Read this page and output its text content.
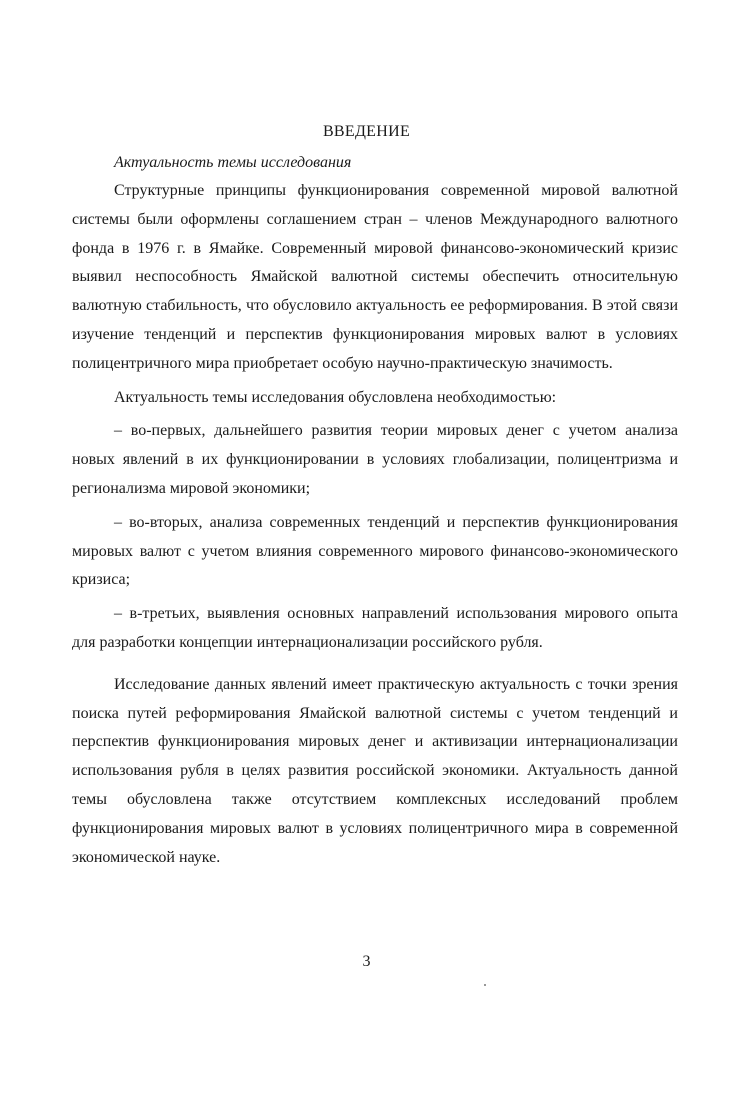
ВВЕДЕНИЕ
Актуальность темы исследования

Структурные принципы функционирования современной мировой валютной системы были оформлены соглашением стран – членов Международного валютного фонда в 1976 г. в Ямайке. Современный мировой финансово-экономический кризис выявил неспособность Ямайской валютной системы обеспечить относительную валютную стабильность, что обусловило актуальность ее реформирования. В этой связи изучение тенденций и перспектив функционирования мировых валют в условиях полицентричного мира приобретает особую научно-практическую значимость.

Актуальность темы исследования обусловлена необходимостью:

– во-первых, дальнейшего развития теории мировых денег с учетом анализа новых явлений в их функционировании в условиях глобализации, полицентризма и регионализма мировой экономики;

– во-вторых, анализа современных тенденций и перспектив функционирования мировых валют с учетом влияния современного мирового финансово-экономического кризиса;

– в-третьих, выявления основных направлений использования мирового опыта для разработки концепции интернационализации российского рубля.

Исследование данных явлений имеет практическую актуальность с точки зрения поиска путей реформирования Ямайской валютной системы с учетом тенденций и перспектив функционирования мировых денег и активизации интернационализации использования рубля в целях развития российской экономики. Актуальность данной темы обусловлена также отсутствием комплексных исследований проблем функционирования мировых валют в условиях полицентричного мира в современной экономической науке.

3
